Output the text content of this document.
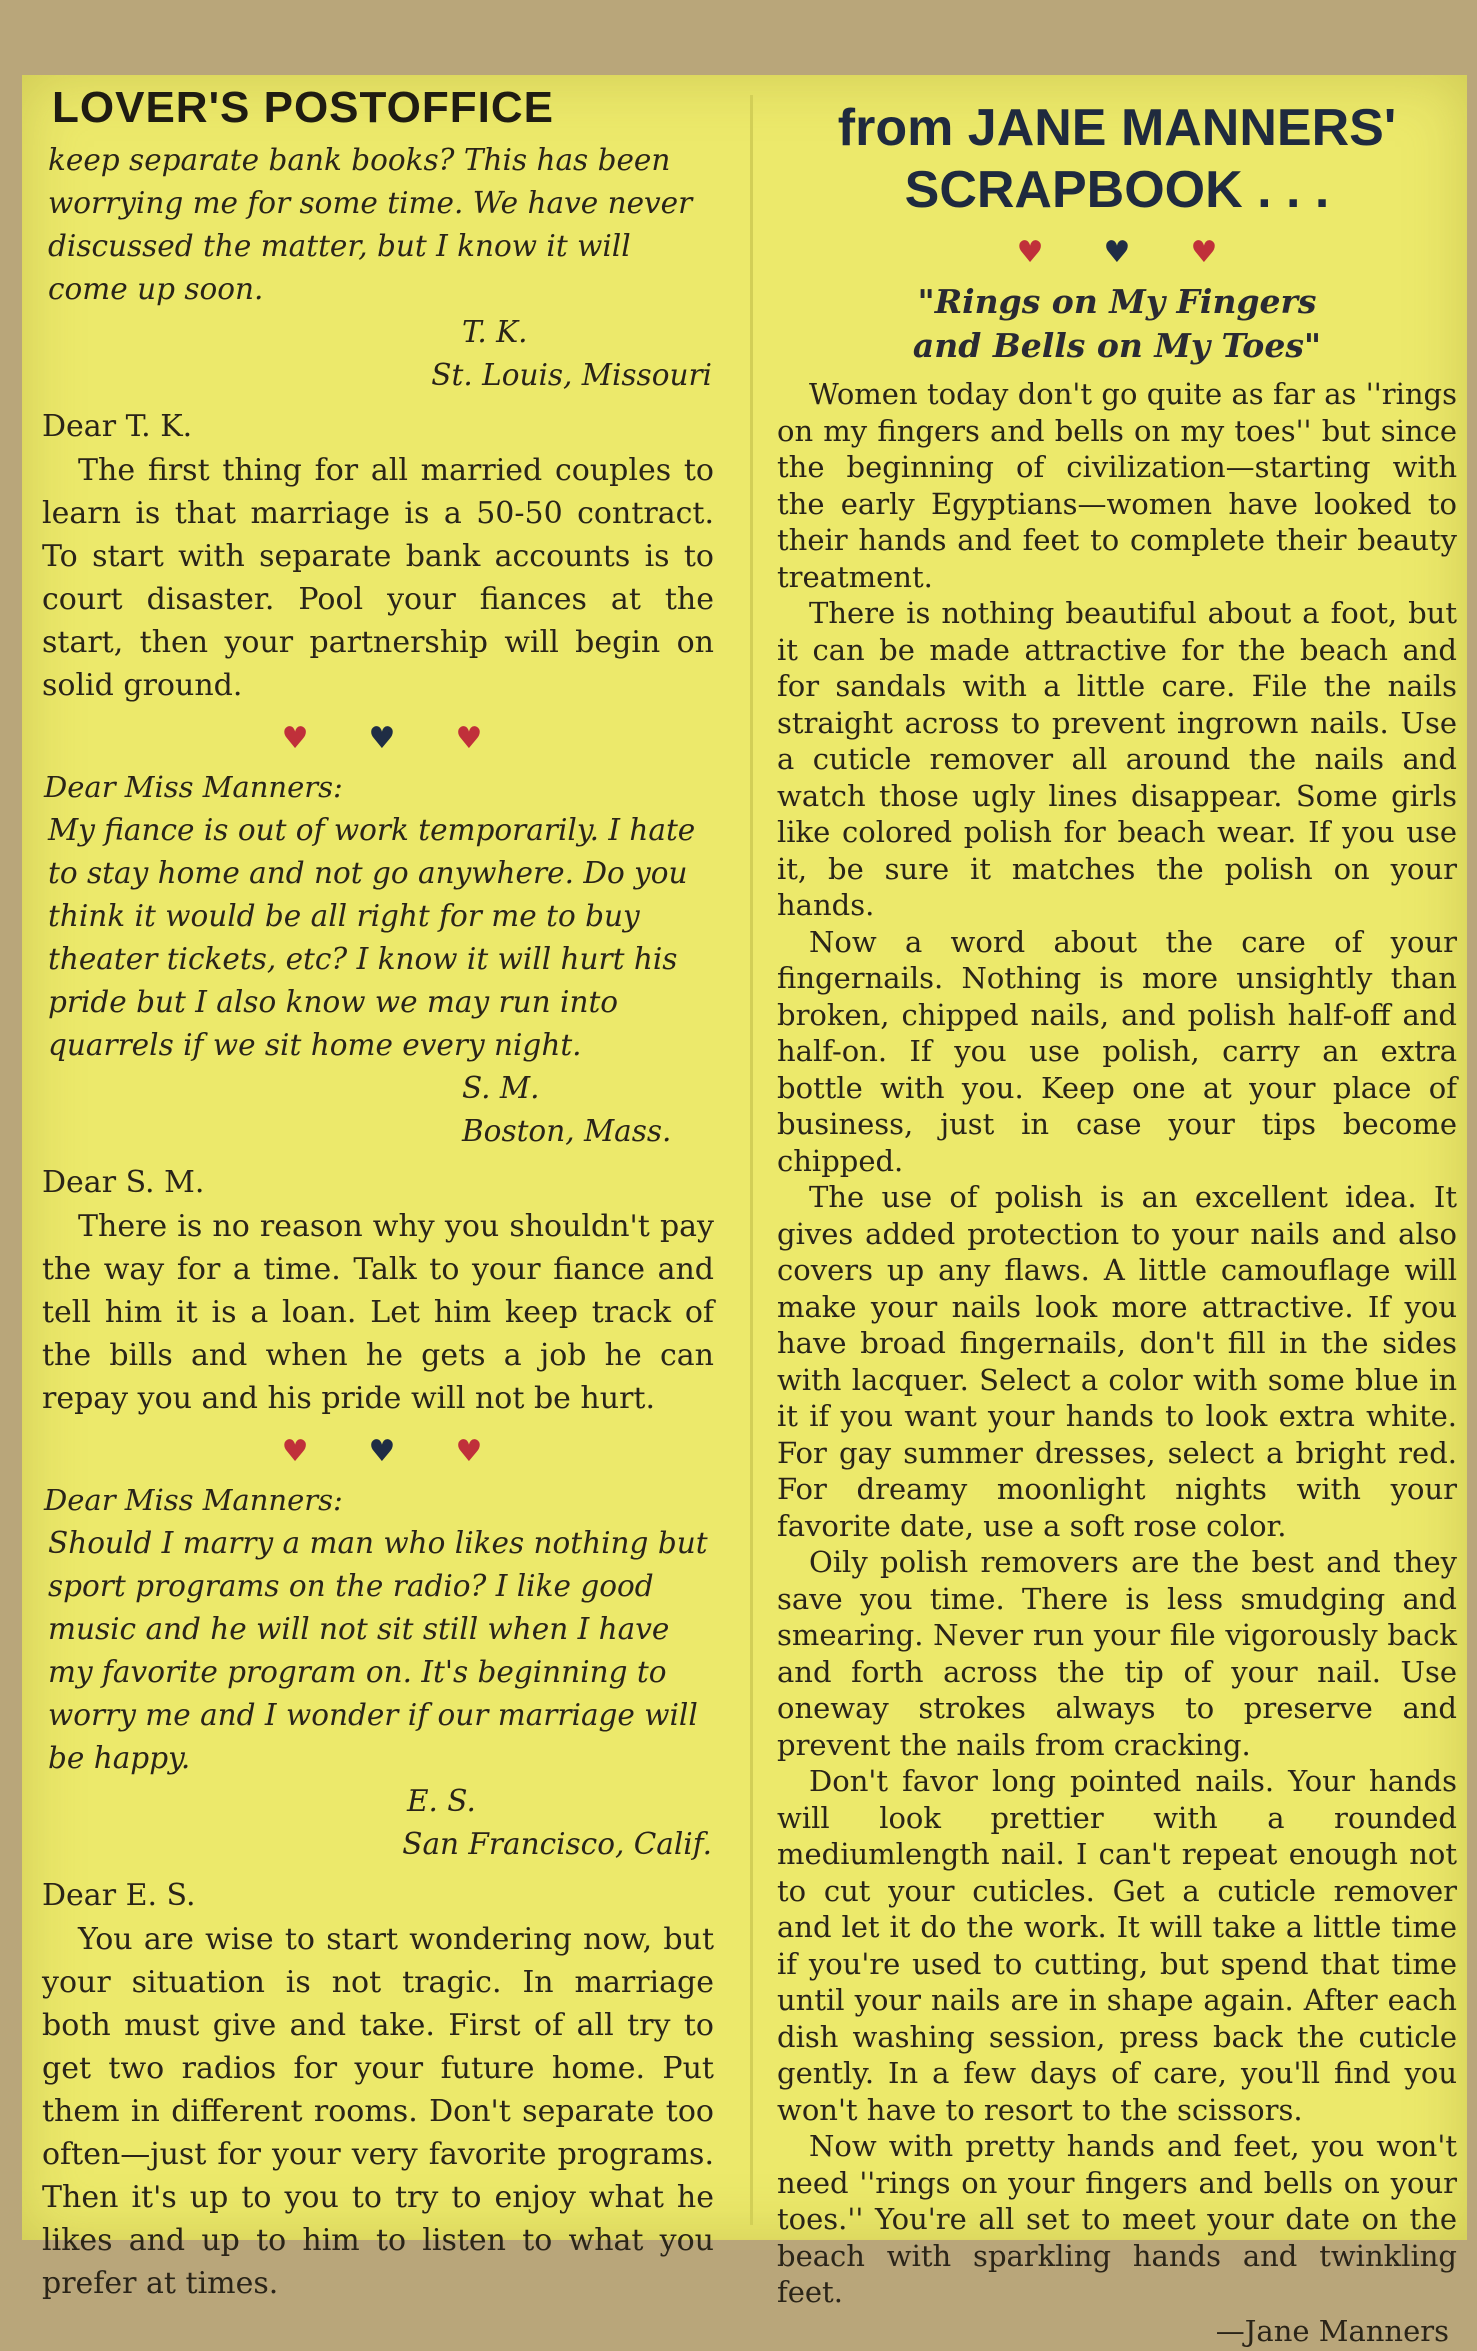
LOVER'S POSTOFFICE
keep separate bank books? This has been worrying me for some time. We have never discussed the matter, but I know it will come up soon.
T. K.
St. Louis, Missouri
Dear T. K.
The first thing for all married couples to learn is that marriage is a 50-50 contract. To start with separate bank accounts is to court disaster. Pool your fiances at the start, then your partnership will begin on solid ground.
♥♥♥
Dear Miss Manners:
My fiance is out of work temporarily. I hate to stay home and not go anywhere. Do you think it would be all right for me to buy theater tickets, etc? I know it will hurt his pride but I also know we may run into quarrels if we sit home every night.
S. M.
Boston, Mass.
Dear S. M.
There is no reason why you shouldn't pay the way for a time. Talk to your fiance and tell him it is a loan. Let him keep track of the bills and when he gets a job he can repay you and his pride will not be hurt.
♥♥♥
Dear Miss Manners:
Should I marry a man who likes nothing but sport programs on the radio? I like good music and he will not sit still when I have my favorite program on. It's beginning to worry me and I wonder if our marriage will be happy.
E. S.
San Francisco, Calif.
Dear E. S.
You are wise to start wondering now, but your situation is not tragic. In marriage both must give and take. First of all try to get two radios for your future home. Put them in different rooms. Don't separate too often—just for your very favorite programs. Then it's up to you to try to enjoy what he likes and up to him to listen to what you prefer at times.
from JANE MANNERS'
SCRAPBOOK . . .
♥♥♥
"Rings on My Fingers
and Bells on My Toes"

Women today don't go quite as far as ''rings on my fingers and bells on my toes'' but since the beginning of civilization—starting with the early Egyptians—women have looked to their hands and feet to complete their beauty treatment.

There is nothing beautiful about a foot, but it can be made attractive for the beach and for sandals with a little care. File the nails straight across to prevent ingrown nails. Use a cuticle remover all around the nails and watch those ugly lines disappear. Some girls like colored polish for beach wear. If you use it, be sure it matches the polish on your hands.

Now a word about the care of your fingernails. Nothing is more unsightly than broken, chipped nails, and polish half-off and half-on. If you use polish, carry an extra bottle with you. Keep one at your place of business, just in case your tips become chipped.

The use of polish is an excellent idea. It gives added protection to your nails and also covers up any flaws. A little camouflage will make your nails look more attractive. If you have broad fingernails, don't fill in the sides with lacquer. Select a color with some blue in it if you want your hands to look extra white. For gay summer dresses, select a bright red. For dreamy moonlight nights with your favorite date, use a soft rose color.

Oily polish removers are the best and they save you time. There is less smudging and smearing. Never run your file vigorously back and forth across the tip of your nail. Use oneway strokes always to preserve and prevent the nails from cracking.

Don't favor long pointed nails. Your hands will look prettier with a rounded mediumlength nail. I can't repeat enough not to cut your cuticles. Get a cuticle remover and let it do the work. It will take a little time if you're used to cutting, but spend that time until your nails are in shape again. After each dish washing session, press back the cuticle gently. In a few days of care, you'll find you won't have to resort to the scissors.

Now with pretty hands and feet, you won't need ''rings on your fingers and bells on your toes.'' You're all set to meet your date on the beach with sparkling hands and twinkling feet.

—Jane Manners
